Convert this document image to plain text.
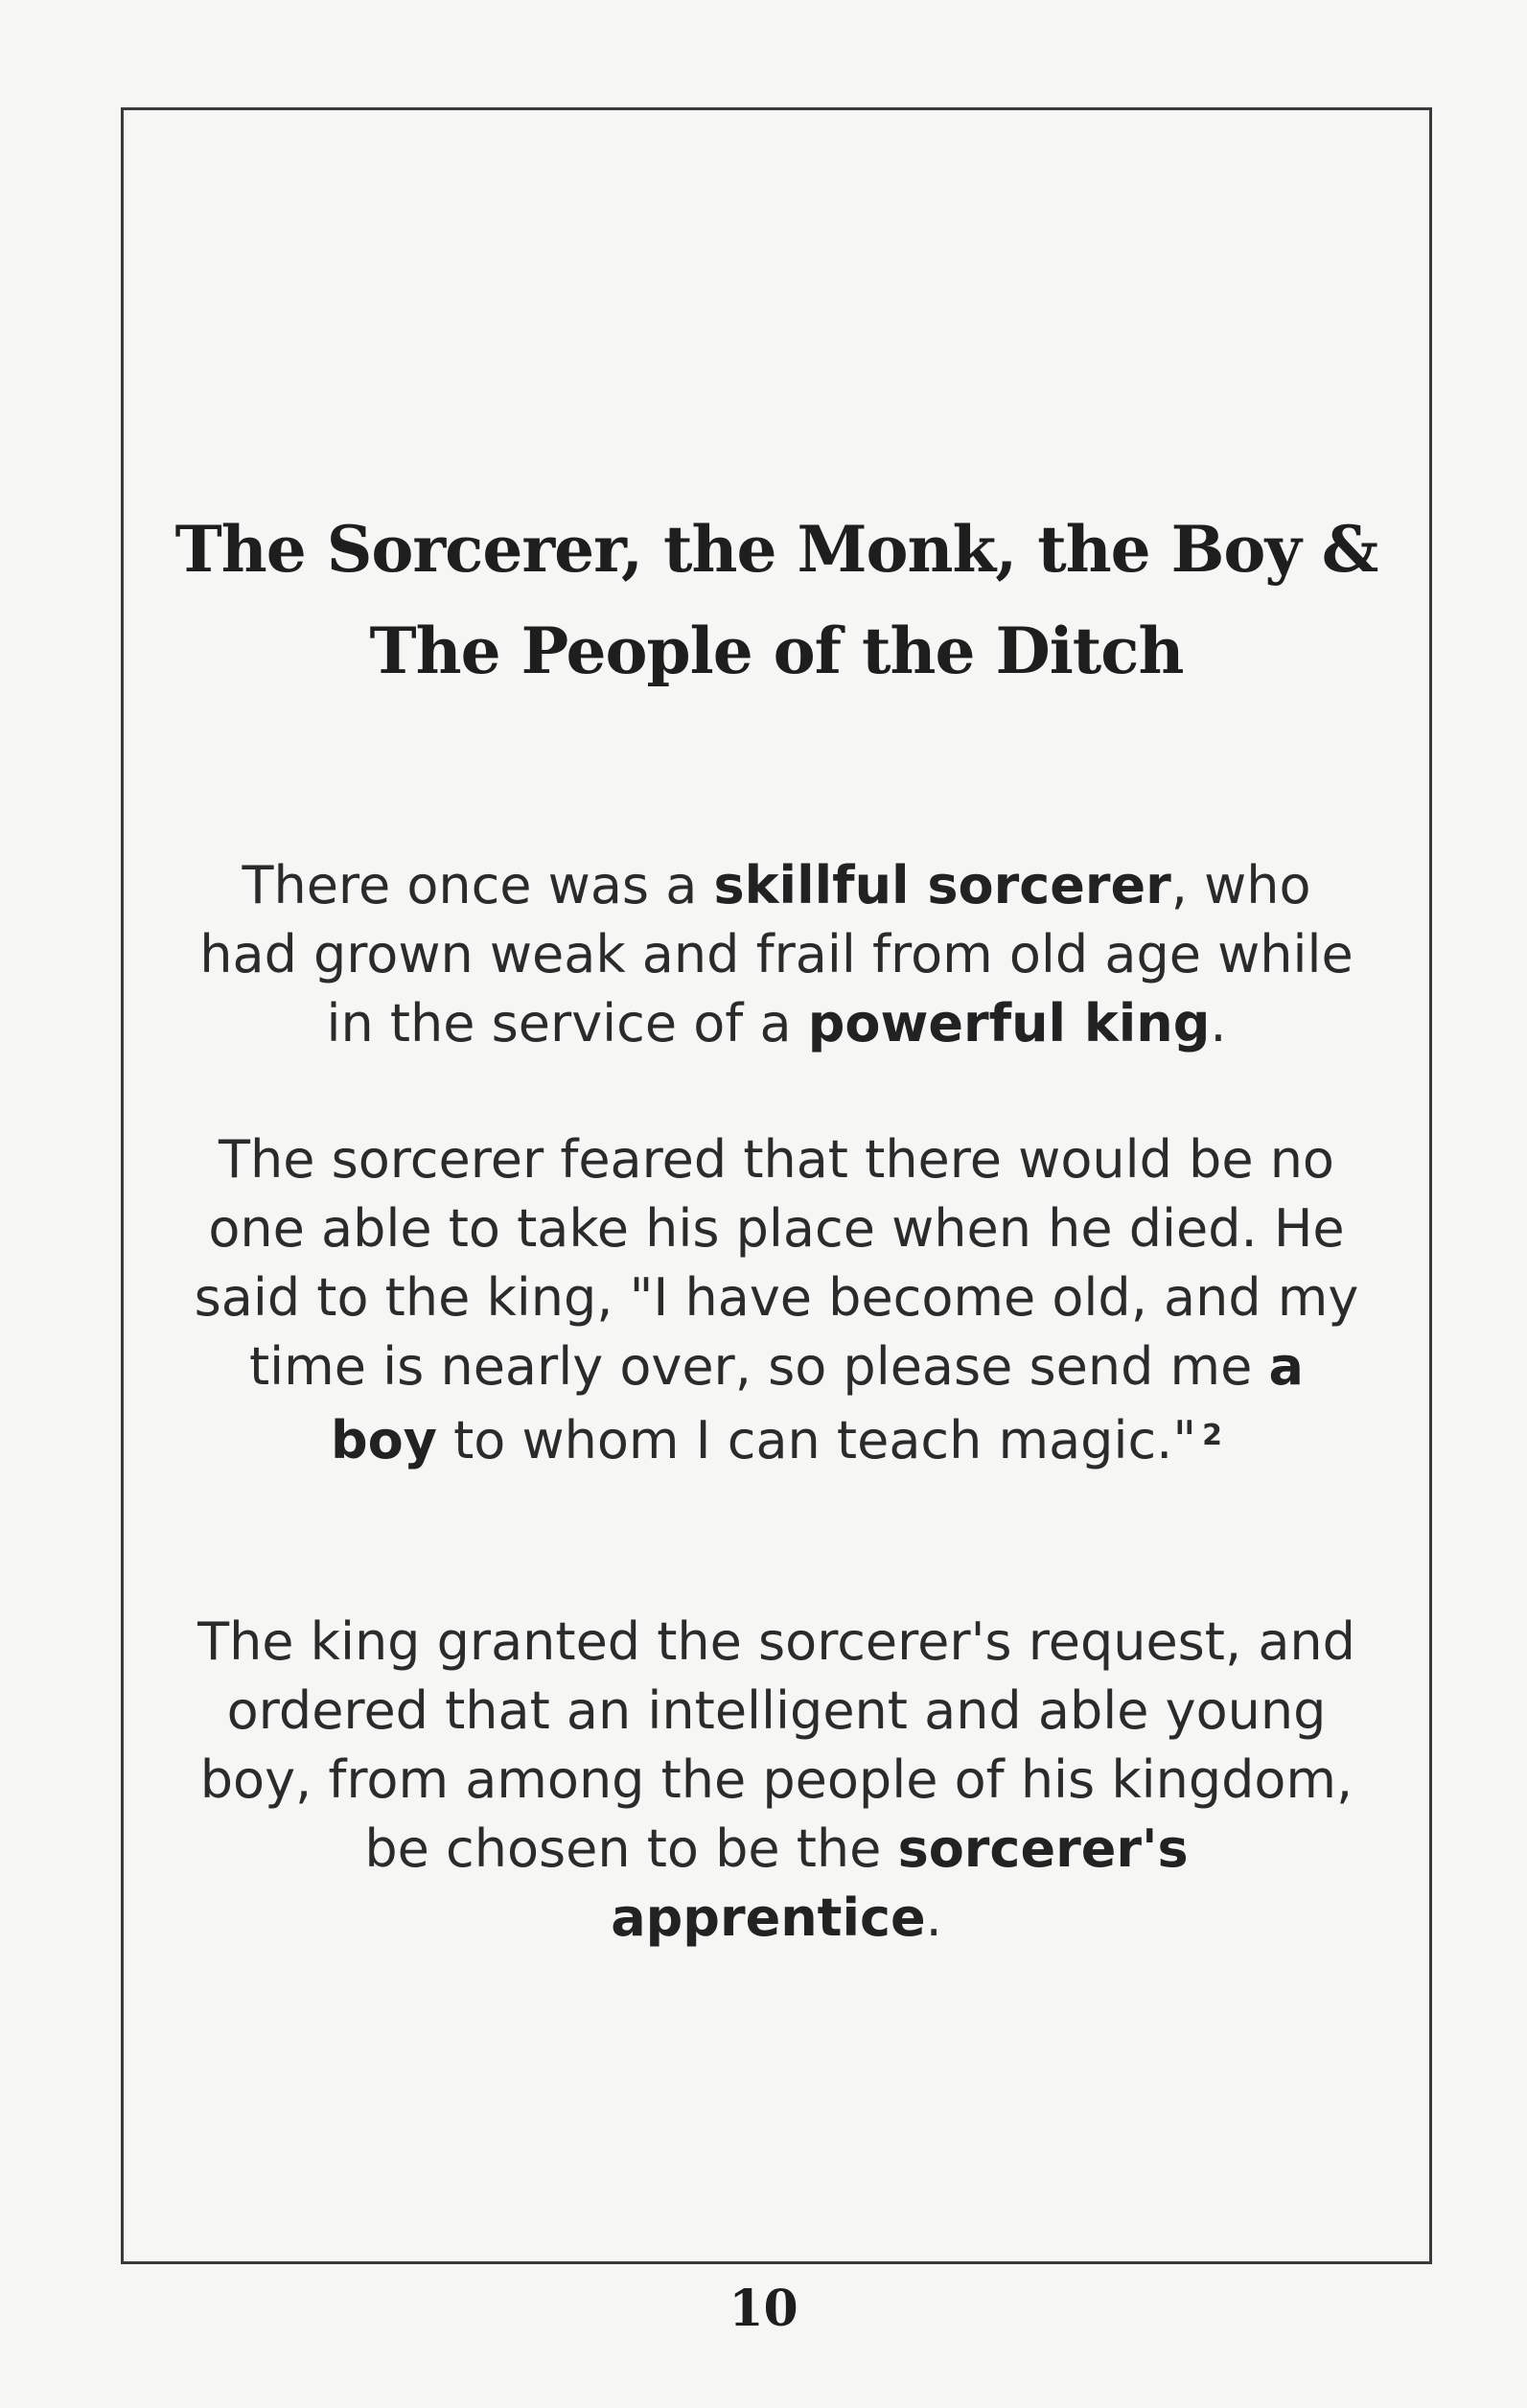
The Sorcerer, the Monk, the Boy &
The People of the Ditch

There once was a skillful sorcerer, who had grown weak and frail from old age while in the service of a powerful king.

The sorcerer feared that there would be no one able to take his place when he died. He said to the king, "I have become old, and my time is nearly over, so please send me a boy to whom I can teach magic." $^2$

The king granted the sorcerer's request, and ordered that an intelligent and able young boy, from among the people of his kingdom, be chosen to be the sorcerer's apprentice.

10
